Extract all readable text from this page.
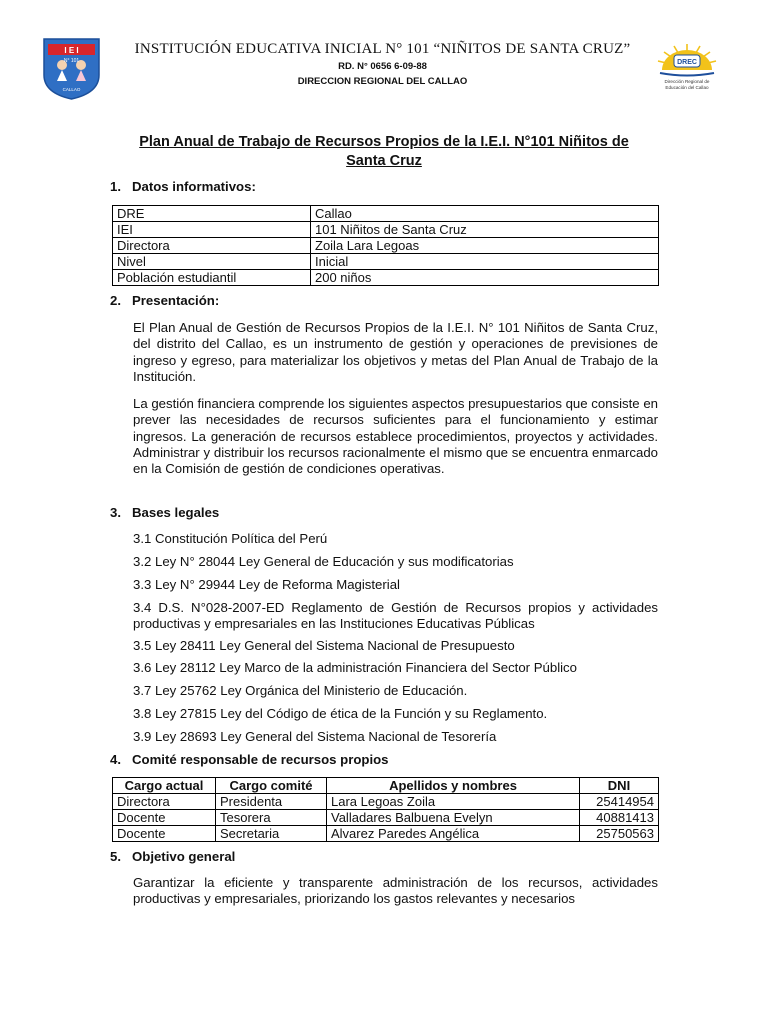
I E I
N° 101
CALLAO
INSTITUCIÓN EDUCATIVA INICIAL N° 101 “NIÑITOS DE SANTA CRUZ”
RD. N° 0656 6-09-88
DIRECCION REGIONAL DEL CALLAO
DREC
Dirección Regional de
Educación del Callao
Plan Anual de Trabajo de Recursos Propios de la I.E.I. N°101 Niñitos de
Santa Cruz
1. Datos informativos:
DRE	Callao
IEI	101 Niñitos de Santa Cruz
Directora	Zoila Lara Legoas
Nivel	Inicial
Población estudiantil	200 niños
2. Presentación:
El Plan Anual de Gestión de Recursos Propios de la I.E.I. N° 101 Niñitos de Santa Cruz, del distrito del Callao, es un instrumento de gestión y operaciones de previsiones de ingreso y egreso, para materializar los objetivos y metas del Plan Anual de Trabajo de la Institución.
La gestión financiera comprende los siguientes aspectos presupuestarios que consiste en prever las necesidades de recursos suficientes para el funcionamiento y estimar ingresos. La generación de recursos establece procedimientos, proyectos y actividades. Administrar y distribuir los recursos racionalmente el mismo que se encuentra enmarcado en la Comisión de gestión de condiciones operativas.
3. Bases legales
3.1 Constitución Política del Perú
3.2 Ley N° 28044 Ley General de Educación y sus modificatorias
3.3 Ley N° 29944 Ley de Reforma Magisterial
3.4 D.S. N°028-2007-ED Reglamento de Gestión de Recursos propios y actividades productivas y empresariales en las Instituciones Educativas Públicas
3.5 Ley 28411 Ley General del Sistema Nacional de Presupuesto
3.6 Ley 28112 Ley Marco de la administración Financiera del Sector Público
3.7 Ley 25762 Ley Orgánica del Ministerio de Educación.
3.8 Ley 27815 Ley del Código de ética de la Función y su Reglamento.
3.9 Ley 28693 Ley General del Sistema Nacional de Tesorería
4. Comité responsable de recursos propios
Cargo actual	Cargo comité	Apellidos y nombres	DNI
Directora	Presidenta	Lara Legoas Zoila	25414954
Docente	Tesorera	Valladares Balbuena Evelyn	40881413
Docente	Secretaria	Alvarez Paredes Angélica	25750563
5. Objetivo general
Garantizar la eficiente y transparente administración de los recursos, actividades productivas y empresariales, priorizando los gastos relevantes y necesarios
